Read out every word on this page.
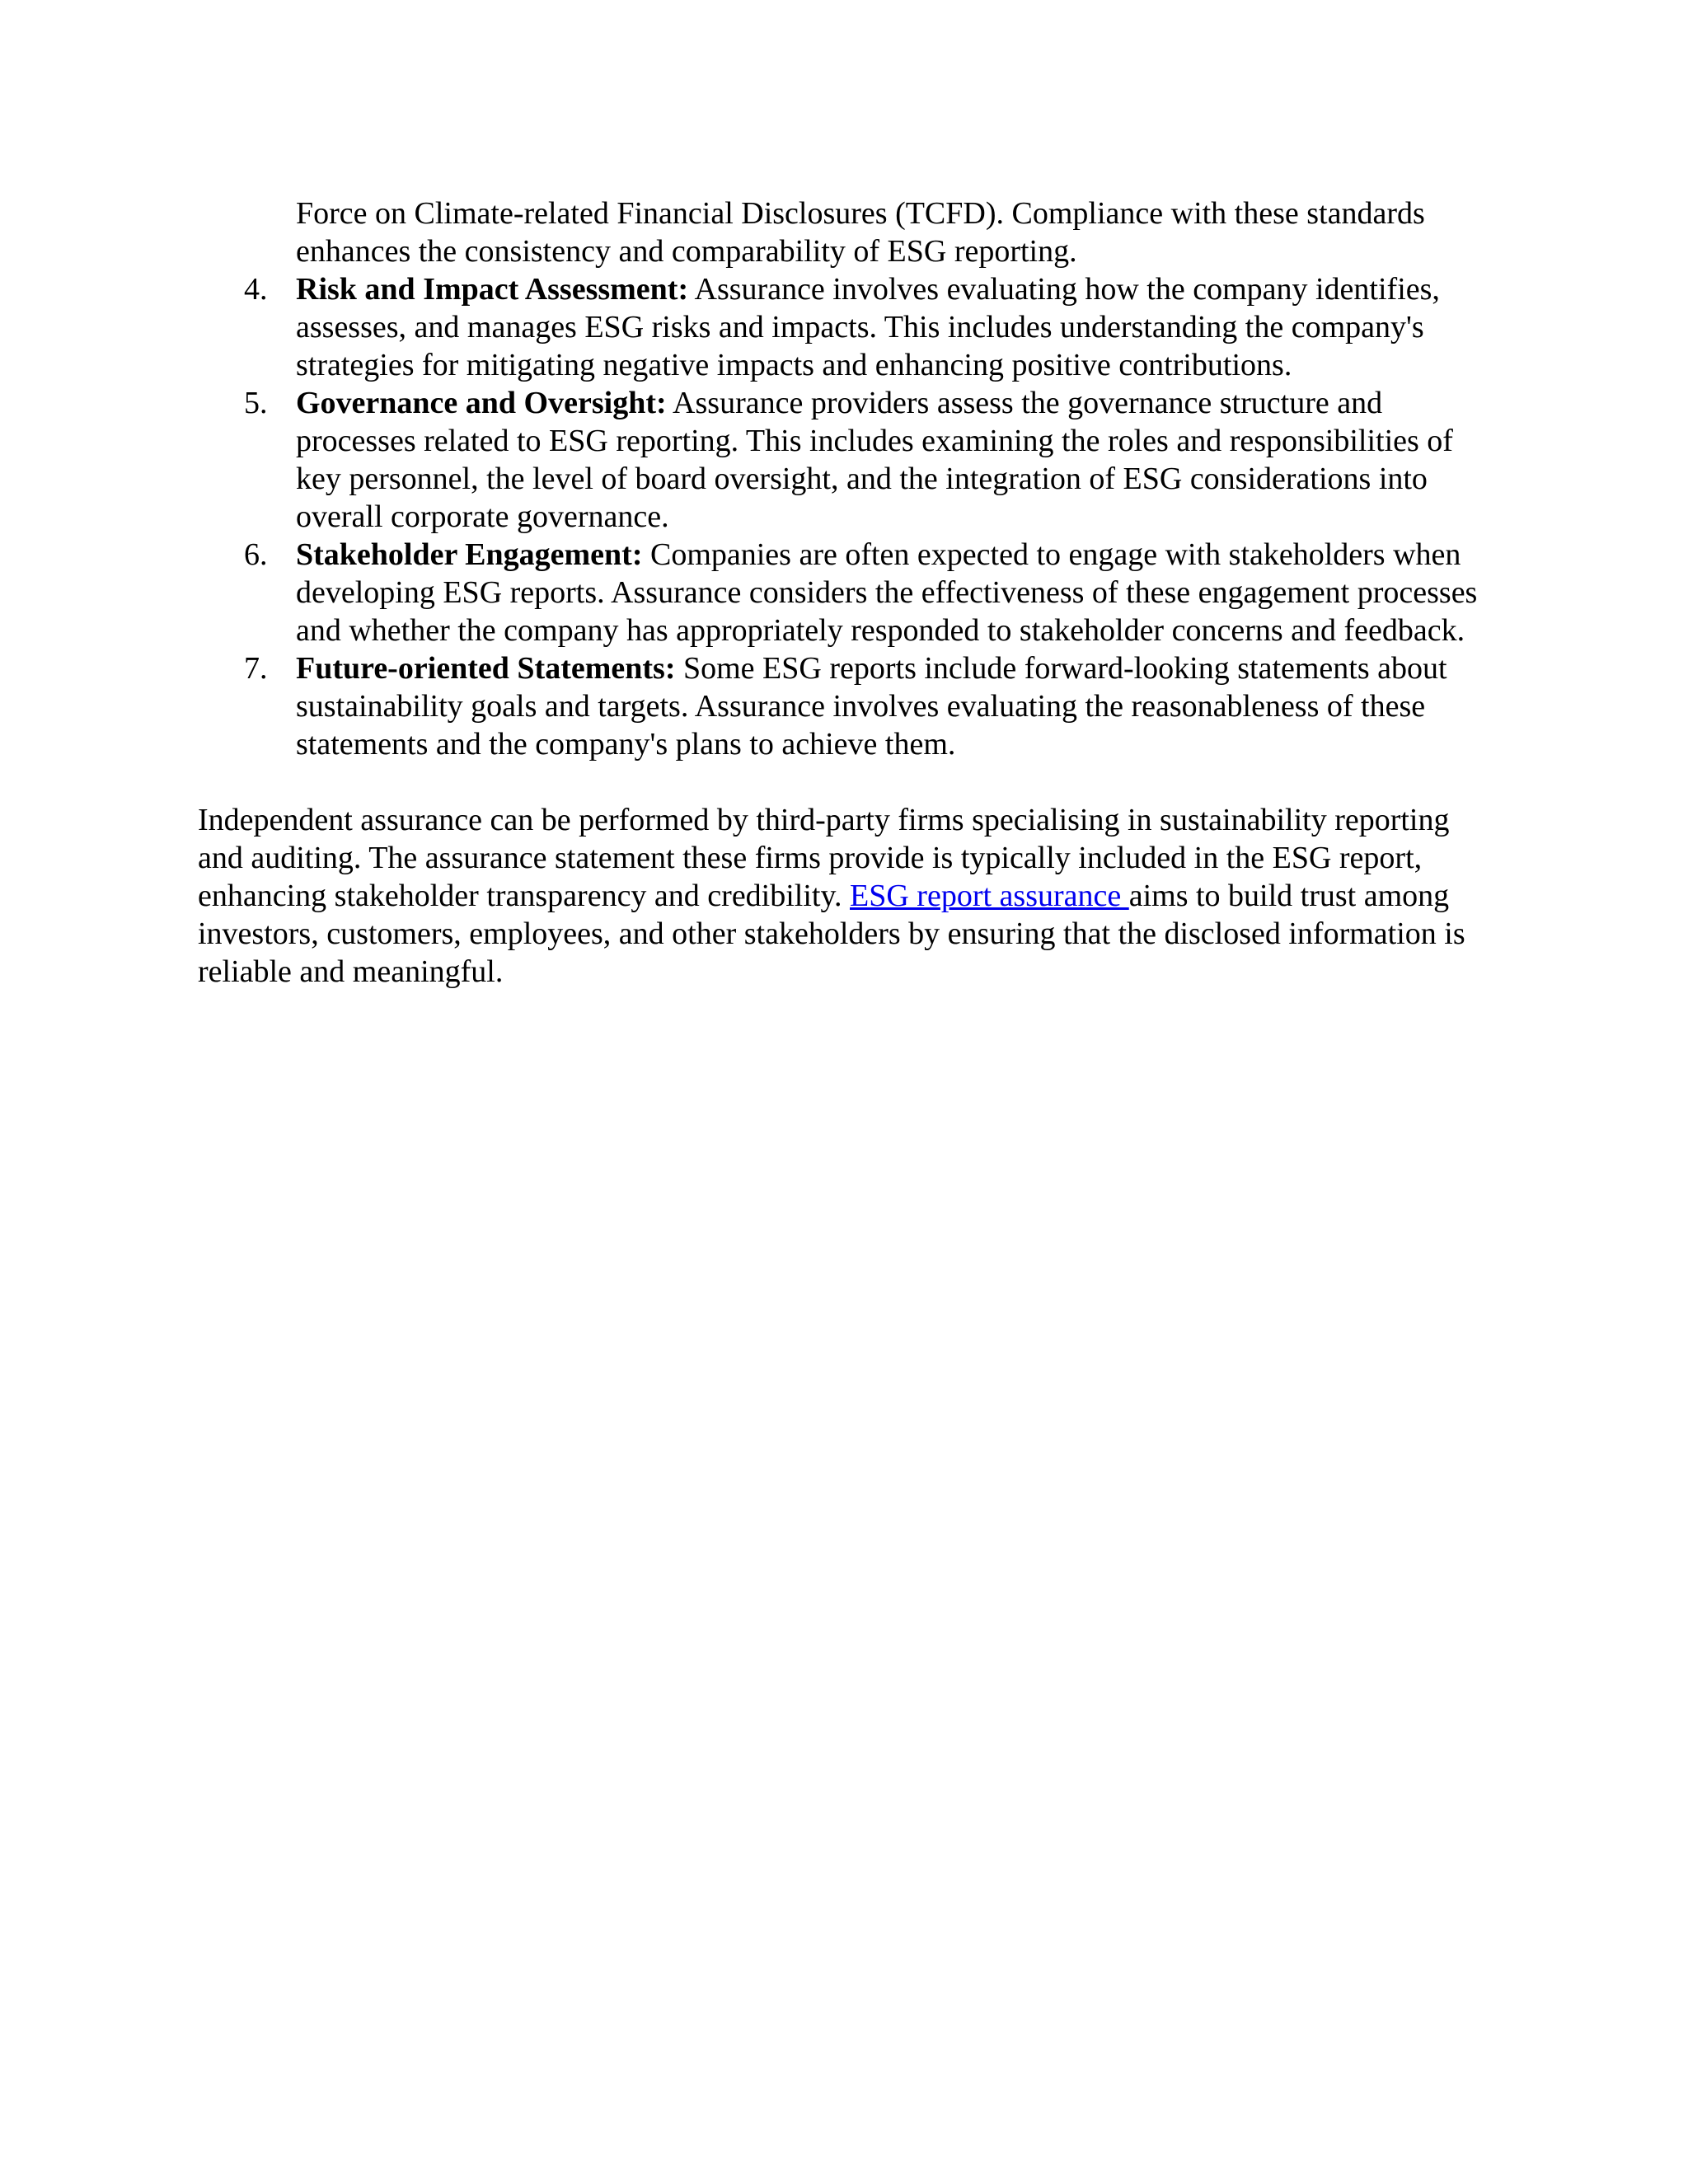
Force on Climate-related Financial Disclosures (TCFD). Compliance with these standards enhances the consistency and comparability of ESG reporting.
4. Risk and Impact Assessment: Assurance involves evaluating how the company identifies, assesses, and manages ESG risks and impacts. This includes understanding the company's strategies for mitigating negative impacts and enhancing positive contributions.
5. Governance and Oversight: Assurance providers assess the governance structure and processes related to ESG reporting. This includes examining the roles and responsibilities of key personnel, the level of board oversight, and the integration of ESG considerations into overall corporate governance.
6. Stakeholder Engagement: Companies are often expected to engage with stakeholders when developing ESG reports. Assurance considers the effectiveness of these engagement processes and whether the company has appropriately responded to stakeholder concerns and feedback.
7. Future-oriented Statements: Some ESG reports include forward-looking statements about sustainability goals and targets. Assurance involves evaluating the reasonableness of these statements and the company's plans to achieve them.

Independent assurance can be performed by third-party firms specialising in sustainability reporting and auditing. The assurance statement these firms provide is typically included in the ESG report, enhancing stakeholder transparency and credibility. ESG report assurance aims to build trust among investors, customers, employees, and other stakeholders by ensuring that the disclosed information is reliable and meaningful.
